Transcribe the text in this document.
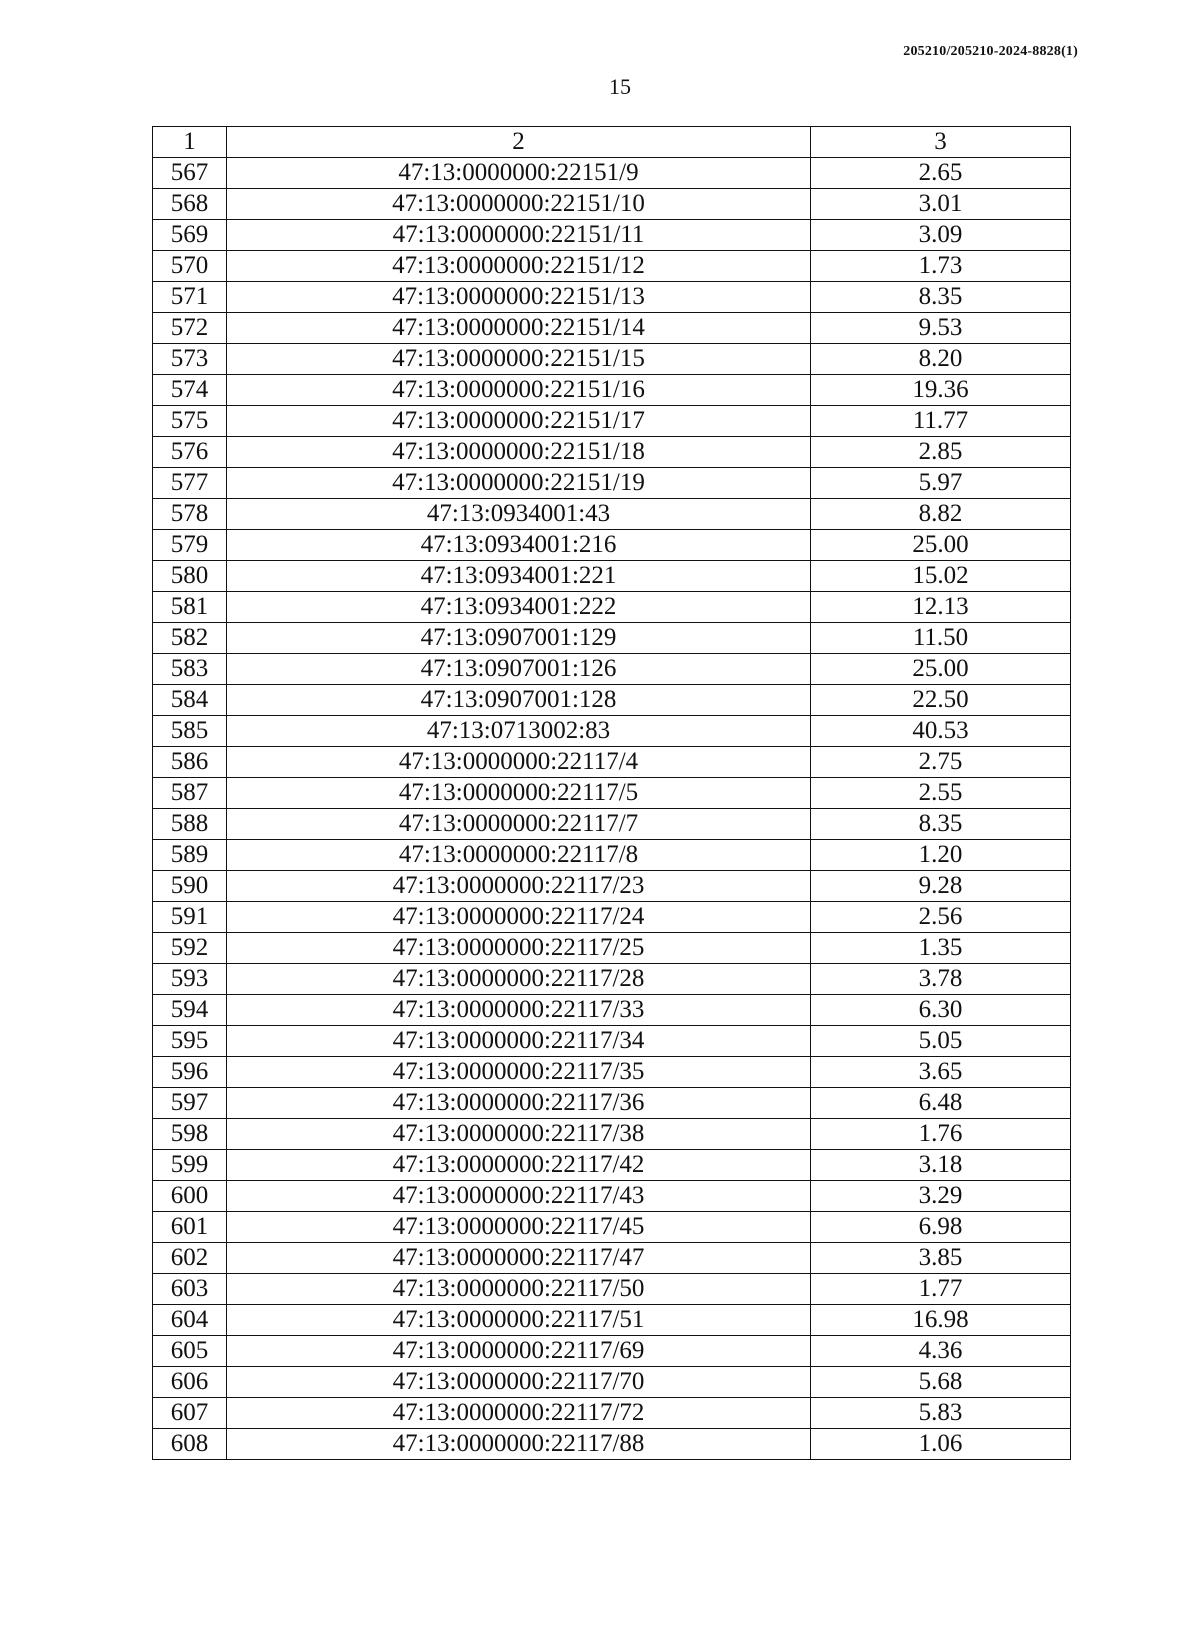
205210/205210-2024-8828(1)
15
1	2	3
567	47:13:0000000:22151/9	2.65
568	47:13:0000000:22151/10	3.01
569	47:13:0000000:22151/11	3.09
570	47:13:0000000:22151/12	1.73
571	47:13:0000000:22151/13	8.35
572	47:13:0000000:22151/14	9.53
573	47:13:0000000:22151/15	8.20
574	47:13:0000000:22151/16	19.36
575	47:13:0000000:22151/17	11.77
576	47:13:0000000:22151/18	2.85
577	47:13:0000000:22151/19	5.97
578	47:13:0934001:43	8.82
579	47:13:0934001:216	25.00
580	47:13:0934001:221	15.02
581	47:13:0934001:222	12.13
582	47:13:0907001:129	11.50
583	47:13:0907001:126	25.00
584	47:13:0907001:128	22.50
585	47:13:0713002:83	40.53
586	47:13:0000000:22117/4	2.75
587	47:13:0000000:22117/5	2.55
588	47:13:0000000:22117/7	8.35
589	47:13:0000000:22117/8	1.20
590	47:13:0000000:22117/23	9.28
591	47:13:0000000:22117/24	2.56
592	47:13:0000000:22117/25	1.35
593	47:13:0000000:22117/28	3.78
594	47:13:0000000:22117/33	6.30
595	47:13:0000000:22117/34	5.05
596	47:13:0000000:22117/35	3.65
597	47:13:0000000:22117/36	6.48
598	47:13:0000000:22117/38	1.76
599	47:13:0000000:22117/42	3.18
600	47:13:0000000:22117/43	3.29
601	47:13:0000000:22117/45	6.98
602	47:13:0000000:22117/47	3.85
603	47:13:0000000:22117/50	1.77
604	47:13:0000000:22117/51	16.98
605	47:13:0000000:22117/69	4.36
606	47:13:0000000:22117/70	5.68
607	47:13:0000000:22117/72	5.83
608	47:13:0000000:22117/88	1.06
